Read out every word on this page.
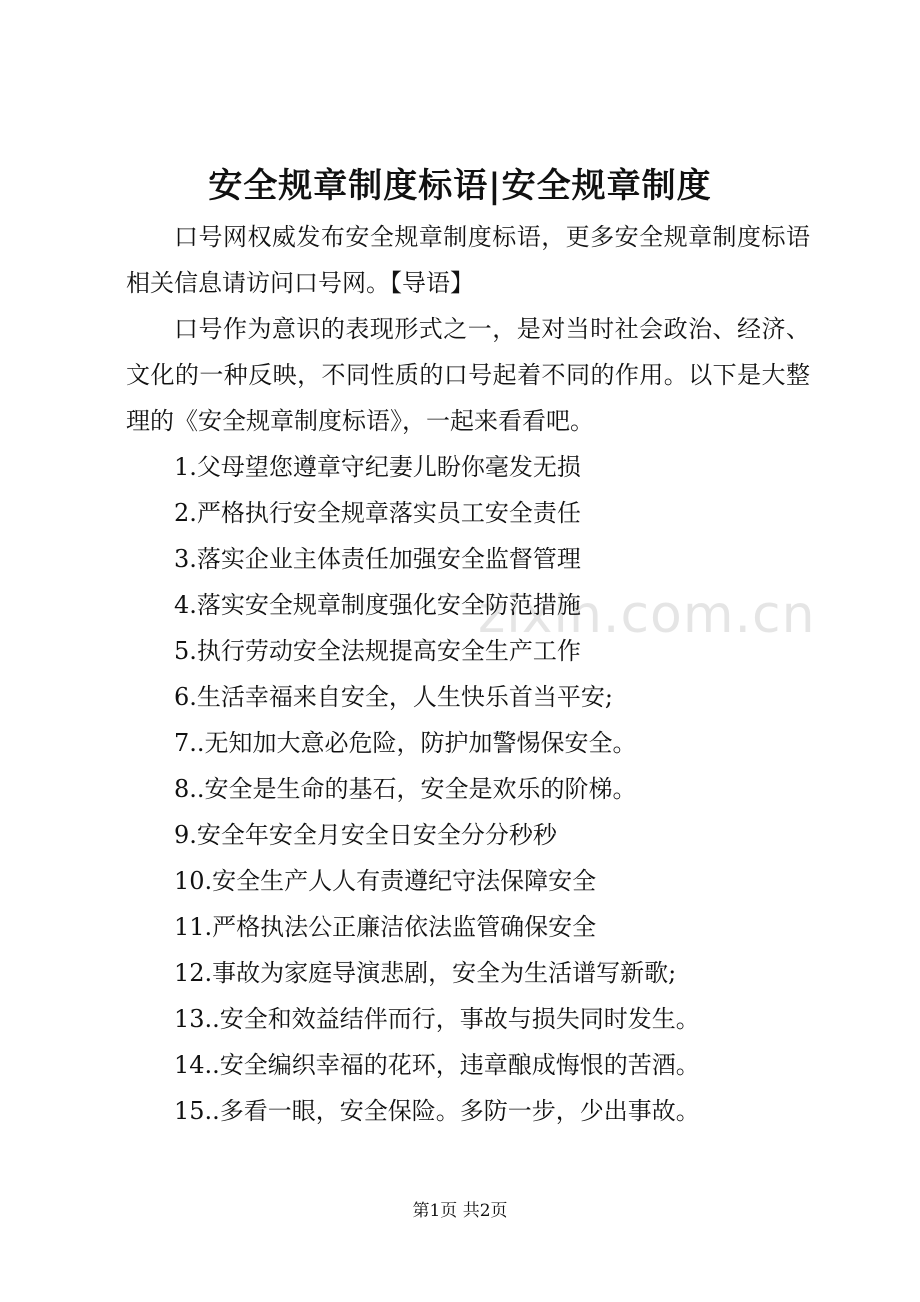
安全规章制度标语|安全规章制度

口号网权威发布安全规章制度标语，更多安全规章制度标语相关信息请访问口号网。【导语】

口号作为意识的表现形式之一，是对当时社会政治、经济、文化的一种反映，不同性质的口号起着不同的作用。以下是大整理的《安全规章制度标语》，一起来看看吧。

1.父母望您遵章守纪妻儿盼你毫发无损
2.严格执行安全规章落实员工安全责任
3.落实企业主体责任加强安全监督管理
4.落实安全规章制度强化安全防范措施
5.执行劳动安全法规提高安全生产工作
6.生活幸福来自安全，人生快乐首当平安;
7..无知加大意必危险，防护加警惕保安全。
8..安全是生命的基石，安全是欢乐的阶梯。
9.安全年安全月安全日安全分分秒秒
10.安全生产人人有责遵纪守法保障安全
11.严格执法公正廉洁依法监管确保安全
12.事故为家庭导演悲剧，安全为生活谱写新歌;
13..安全和效益结伴而行，事故与损失同时发生。
14..安全编织幸福的花环，违章酿成悔恨的苦酒。
15..多看一眼，安全保险。多防一步，少出事故。
zixin.com.cn
第1页 共2页
